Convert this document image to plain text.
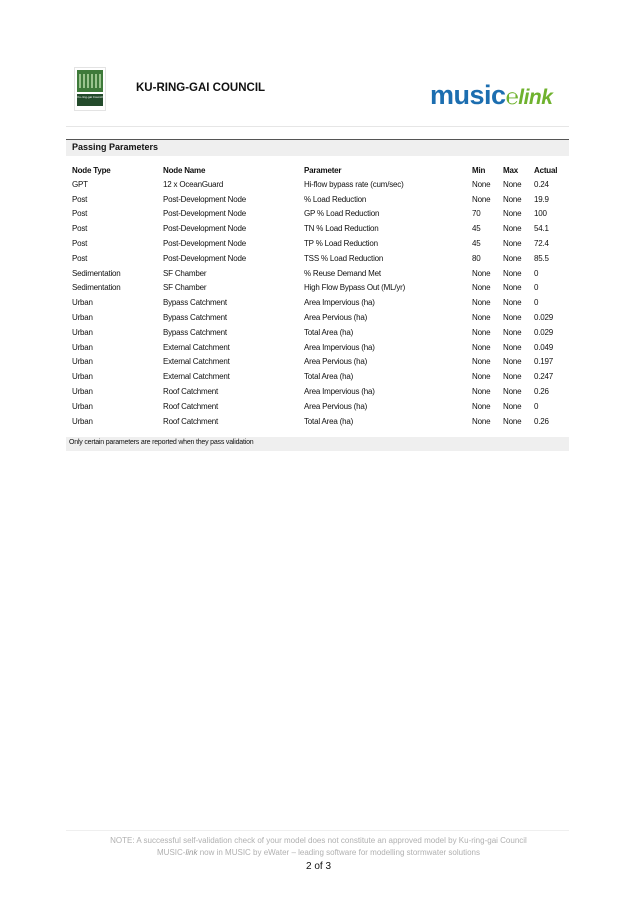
Ku-ring-gai Council
KU-RING-GAI COUNCIL	music℮link
Passing Parameters
Node Type	Node Name	Parameter	Min	Max	Actual
GPT	12 x OceanGuard	Hi-flow bypass rate (cum/sec)	None	None	0.24
Post	Post-Development Node	% Load Reduction	None	None	19.9
Post	Post-Development Node	GP % Load Reduction	70	None	100
Post	Post-Development Node	TN % Load Reduction	45	None	54.1
Post	Post-Development Node	TP % Load Reduction	45	None	72.4
Post	Post-Development Node	TSS % Load Reduction	80	None	85.5
Sedimentation	SF Chamber	% Reuse Demand Met	None	None	0
Sedimentation	SF Chamber	High Flow Bypass Out (ML/yr)	None	None	0
Urban	Bypass Catchment	Area Impervious (ha)	None	None	0
Urban	Bypass Catchment	Area Pervious (ha)	None	None	0.029
Urban	Bypass Catchment	Total Area (ha)	None	None	0.029
Urban	External Catchment	Area Impervious (ha)	None	None	0.049
Urban	External Catchment	Area Pervious (ha)	None	None	0.197
Urban	External Catchment	Total Area (ha)	None	None	0.247
Urban	Roof Catchment	Area Impervious (ha)	None	None	0.26
Urban	Roof Catchment	Area Pervious (ha)	None	None	0
Urban	Roof Catchment	Total Area (ha)	None	None	0.26
Only certain parameters are reported when they pass validation
NOTE: A successful self-validation check of your model does not constitute an approved model by Ku-ring-gai Council
MUSIC-link now in MUSIC by eWater – leading software for modelling stormwater solutions
2 of 3
